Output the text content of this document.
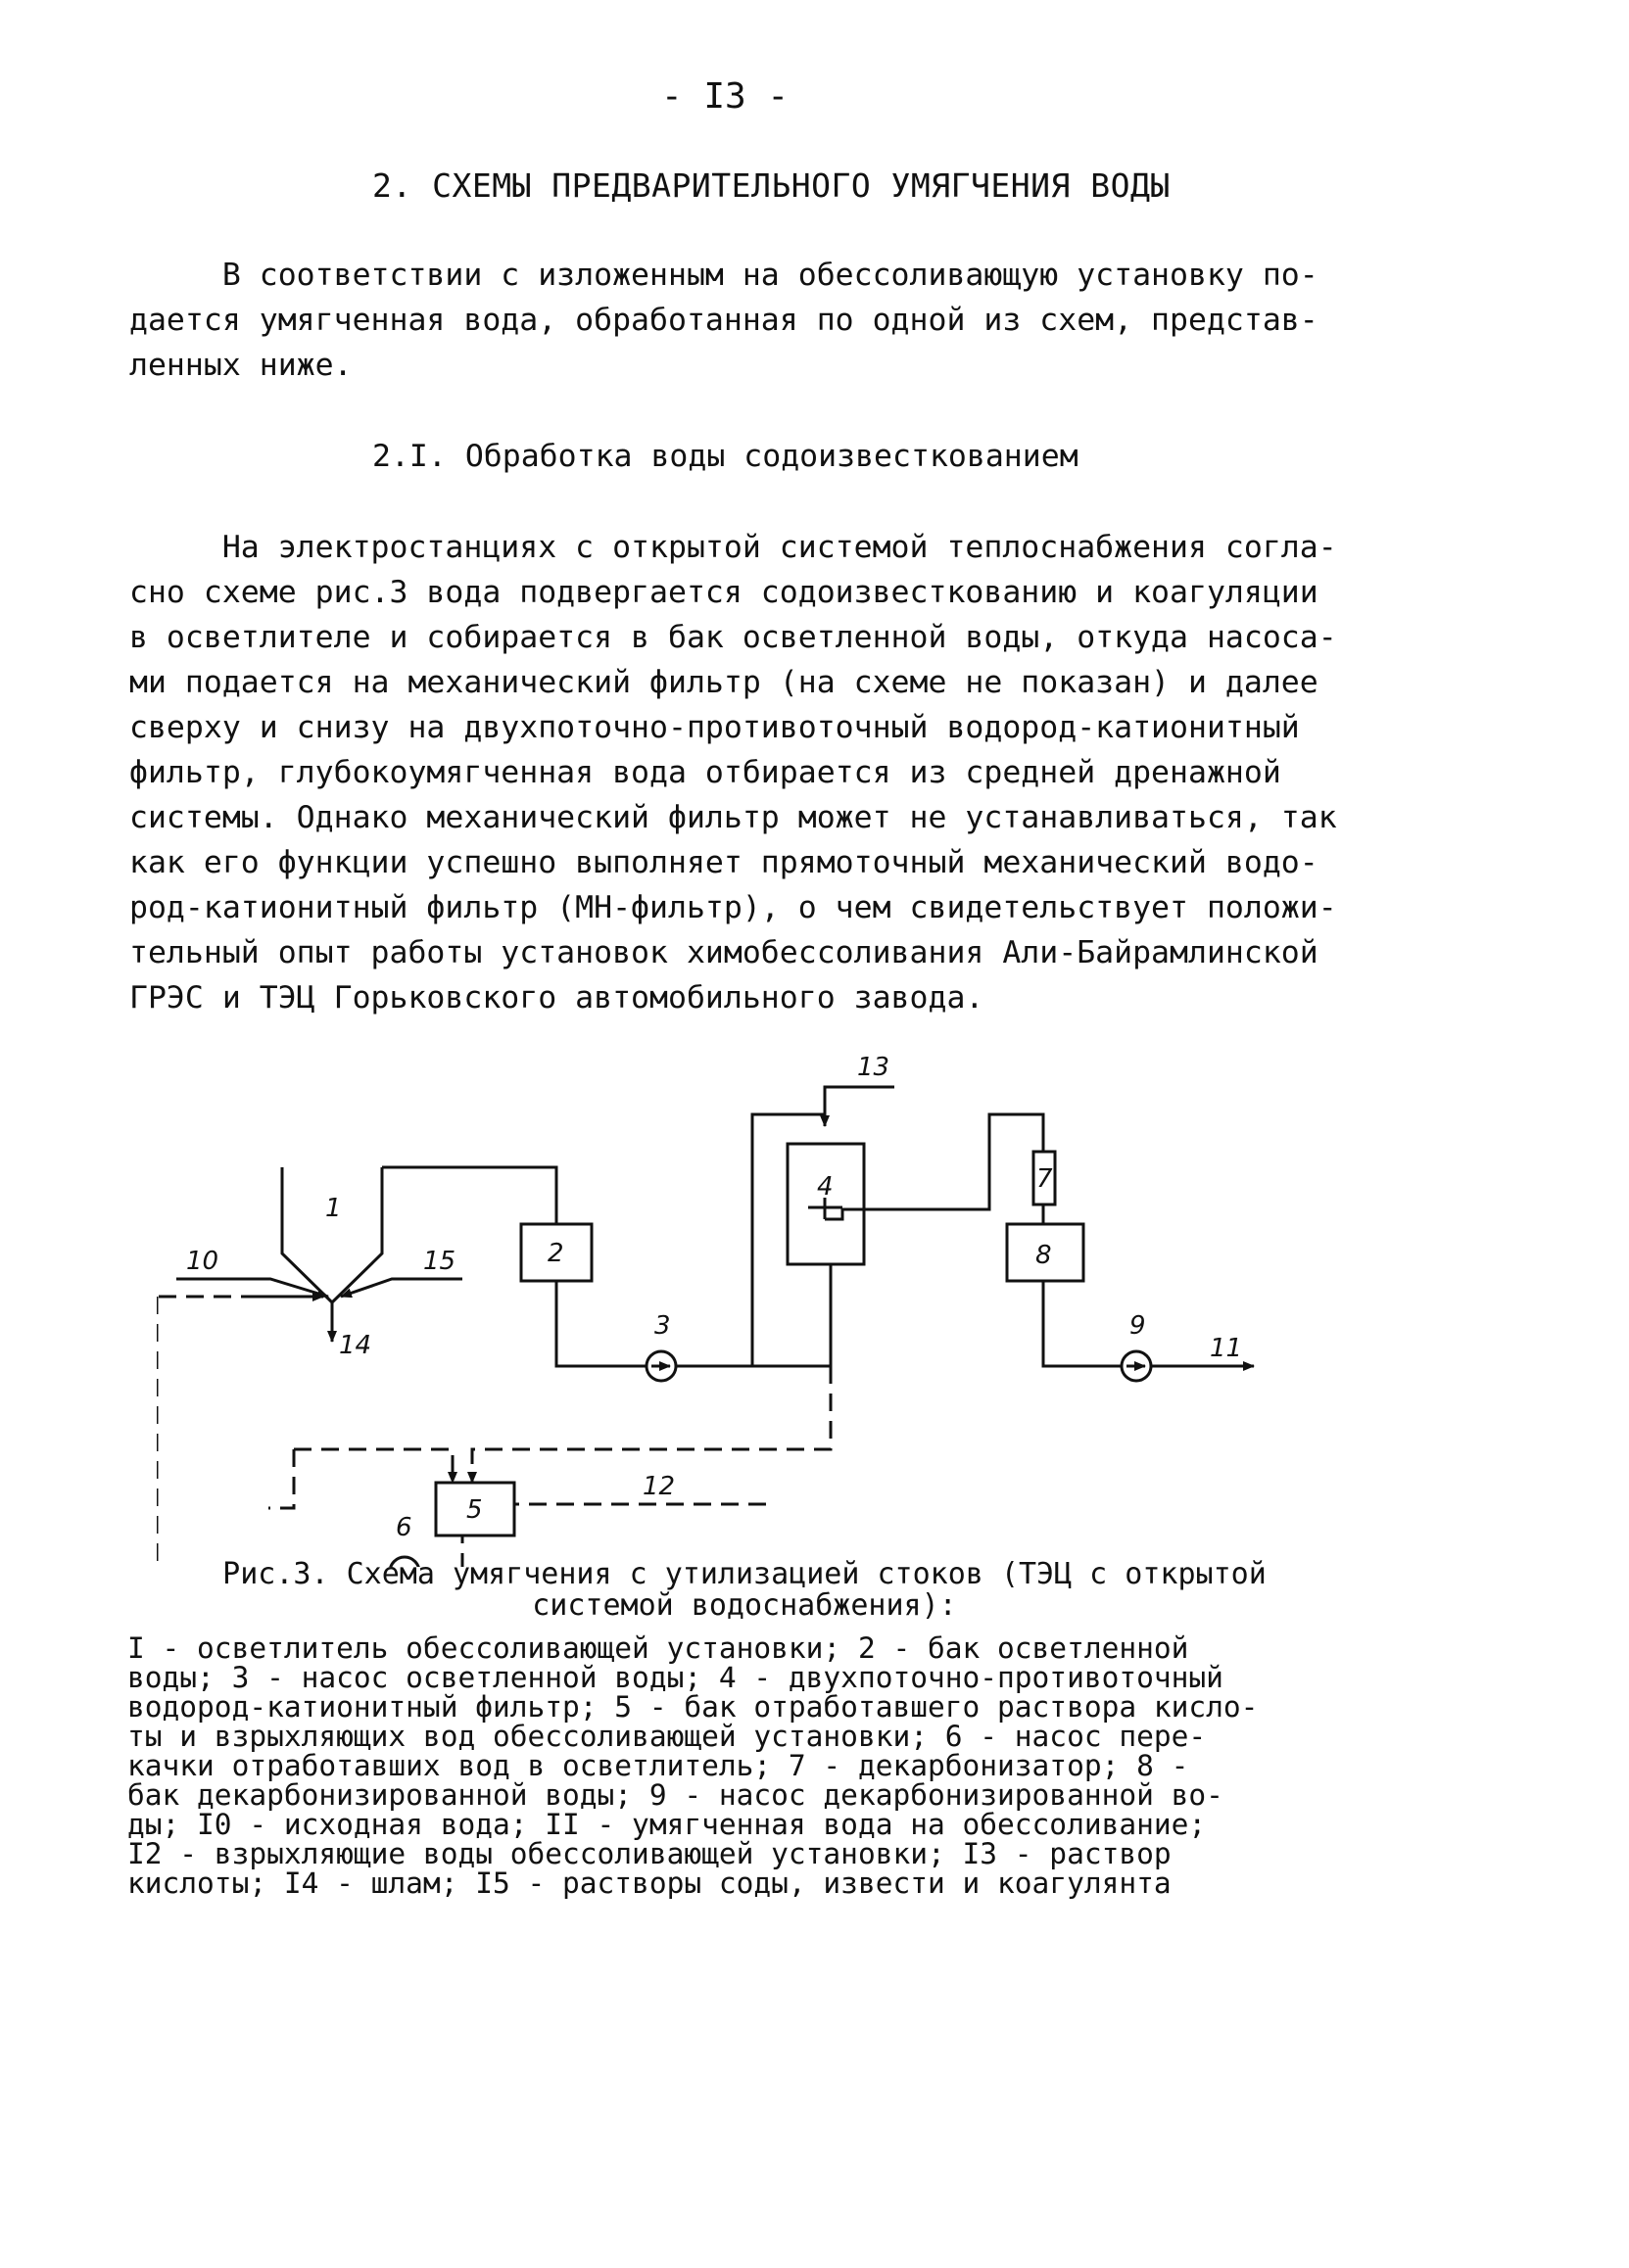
- I3 -
2. СХЕМЫ ПРЕДВАРИТЕЛЬНОГО УМЯГЧЕНИЯ ВОДЫ
В соответствии с изложенным на обессоливающую установку по-
дается умягченная вода, обработанная по одной из схем, представ-
ленных ниже.
2.I. Обработка воды содоизвесткованием
На электростанциях с открытой системой теплоснабжения согла-
сно схеме рис.3 вода подвергается содоизвесткованию и коагуляции
в осветлителе и собирается в бак осветленной воды, откуда насоса-
ми подается на механический фильтр (на схеме не показан) и далее
сверху и снизу на двухпоточно-противоточный водород-катионитный
фильтр, глубокоумягченная вода отбирается из средней дренажной
системы. Однако механический фильтр может не устанавливаться, так
как его функции успешно выполняет прямоточный механический водо-
род-катионитный фильтр (МН-фильтр), о чем свидетельствует положи-
тельный опыт работы установок химобессоливания Али-Байрамлинской
ГРЭС и ТЭЦ Горьковского автомобильного завода.
1
2
3
4
5
6
7
8
9
10
11
12
13
14
15
Рис.3. Схема умягчения с утилизацией стоков (ТЭЦ с открытой
системой водоснабжения):
I - осветлитель обессоливающей установки; 2 - бак осветленной
воды; 3 - насос осветленной воды; 4 - двухпоточно-противоточный
водород-катионитный фильтр; 5 - бак отработавшего раствора кисло-
ты и взрыхляющих вод обессоливающей установки; 6 - насос пере-
качки отработавших вод в осветлитель; 7 - декарбонизатор; 8 -
бак декарбонизированной воды; 9 - насос декарбонизированной во-
ды; I0 - исходная вода; II - умягченная вода на обессоливание;
I2 - взрыхляющие воды обессоливающей установки; I3 - раствор
кислоты; I4 - шлам; I5 - растворы соды, извести и коагулянта
